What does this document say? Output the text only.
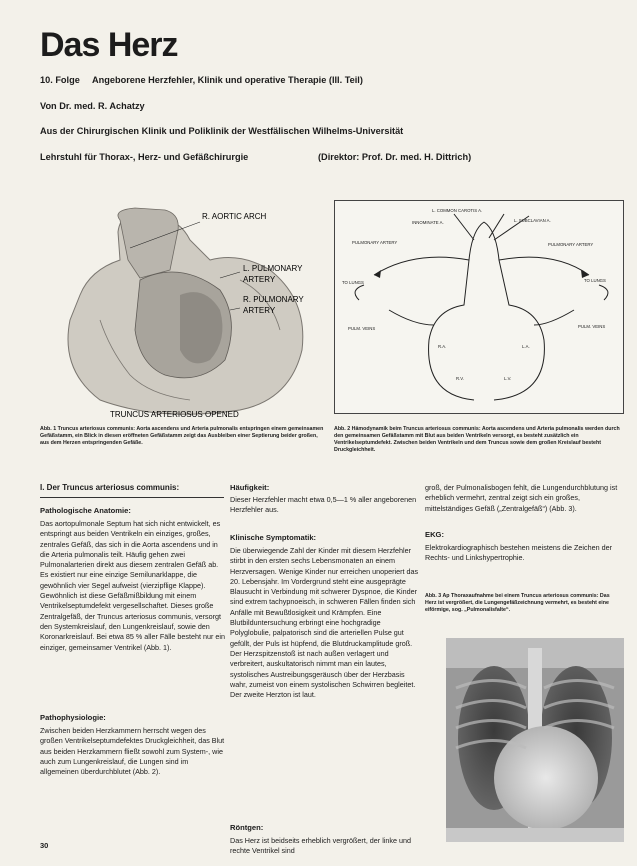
Das Herz
10. Folge Angeborene Herzfehler, Klinik und operative Therapie (III. Teil)
Von Dr. med. R. Achatzy
Aus der Chirurgischen Klinik und Poliklinik der Westfälischen Wilhelms-Universität
Lehrstuhl für Thorax-, Herz- und Gefäßchirurgie	(Direktor: Prof. Dr. med. H. Dittrich)
R. AORTIC ARCH
L. PULMONARY
ARTERY
R. PULMONARY
ARTERY
TRUNCUS ARTERIOSUS OPENED
L. COMMON CAROTIS A.
INNOMINATE A.	L. SUBCLAVIAN A.
PULMONARY ARTERY	PULMONARY ARTERY
TO LUNGS	TO LUNGS
PULM. VEINS	PULM. VEINS
R.A.	L.A.
R.V.	L.V.
Abb. 1 Truncus arteriosus communis: Aorta ascendens und Arteria pulmonalis entspringen einem gemeinsamen Gefäßstamm, ein Blick in diesen eröffneten Gefäßstamm zeigt das Ausbleiben einer Septierung beider großen, aus dem Herzen entspringenden Gefäße.
Abb. 2 Hämodynamik beim Truncus arteriosus communis: Aorta ascendens und Arteria pulmonalis werden durch den gemeinsamen Gefäßstamm mit Blut aus beiden Ventrikeln versorgt, es besteht zusätzlich ein Ventrikelseptumdefekt. Zwischen beiden Ventrikeln und dem Truncus sowie dem großen Kreislauf besteht Druckgleichheit.
I. Der Truncus arteriosus communis:
Pathologische Anatomie:

Das aortopulmonale Septum hat sich nicht entwickelt, es entspringt aus beiden Ventrikeln ein einziges, großes, zentrales Gefäß, das sich in die Aorta ascendens und in die Arteria pulmonalis teilt. Häufig gehen zwei Pulmonalarterien direkt aus diesem zentralen Gefäß ab. Es existiert nur eine einzige Semilunarklappe, die gewöhnlich vier Segel aufweist (vierzipflige Klappe). Gewöhnlich ist diese Gefäßmißbildung mit einem Ventrikelseptumdefekt vergesellschaftet. Dieses große Zentralgefäß, der Truncus arteriosus communis, versorgt den Systemkreislauf, den Lungenkreislauf, sowie den Koronarkreislauf. Bei etwa 85 % aller Fälle besteht nur ein einziger, gemeinsamer Ventrikel (Abb. 1).

Pathophysiologie:

Zwischen beiden Herzkammern herrscht wegen des großen Ventrikelseptumdefektes Druckgleichheit, das Blut aus beiden Herzkammern fließt sowohl zum System-, wie auch zum Lungenkreislauf, die Lungen sind im allgemeinen überdurchblutet (Abb. 2).

30
Häufigkeit:

Dieser Herzfehler macht etwa 0,5—1 % aller angeborenen Herzfehler aus.

Klinische Symptomatik:

Die überwiegende Zahl der Kinder mit diesem Herzfehler stirbt in den ersten sechs Lebensmonaten an einem Herzversagen. Wenige Kinder nur erreichen unoperiert das 20. Lebensjahr. Im Vordergrund steht eine ausgeprägte Blausucht in Verbindung mit schwerer Dyspnoe, die Kinder sind extrem tachypnoeisch, in schweren Fällen finden sich Anfälle mit Bewußtlosigkeit und Krämpfen. Eine Blutbilduntersuchung erbringt eine hochgradige Polyglobulie, palpatorisch sind die arteriellen Pulse gut gefüllt, der Puls ist hüpfend, die Blutdruckamplitude groß. Der Herzspitzenstoß ist nach außen verlagert und verbreitert, auskultatorisch nimmt man ein lautes, systolisches Austreibungsgeräusch über der Herzbasis wahr, zumeist von einem systolischen Schwirren begleitet. Der zweite Herzton ist laut.

Röntgen:

Das Herz ist beidseits erheblich vergrößert, der linke und rechte Ventrikel sind

groß, der Pulmonalisbogen fehlt, die Lungendurchblutung ist erheblich vermehrt, zentral zeigt sich ein großes, mittelständiges Gefäß („Zentralgefäß“) (Abb. 3).

EKG:

Elektrokardiographisch bestehen meistens die Zeichen der Rechts- und Linkshypertrophie.

Abb. 3 Ap Thoraxaufnahme bei einem Truncus arteriosus communis: Das Herz ist vergrößert, die Lungengefäßzeichnung vermehrt, es besteht eine eiförmige, sog. „Pulmonalisfalte“.
